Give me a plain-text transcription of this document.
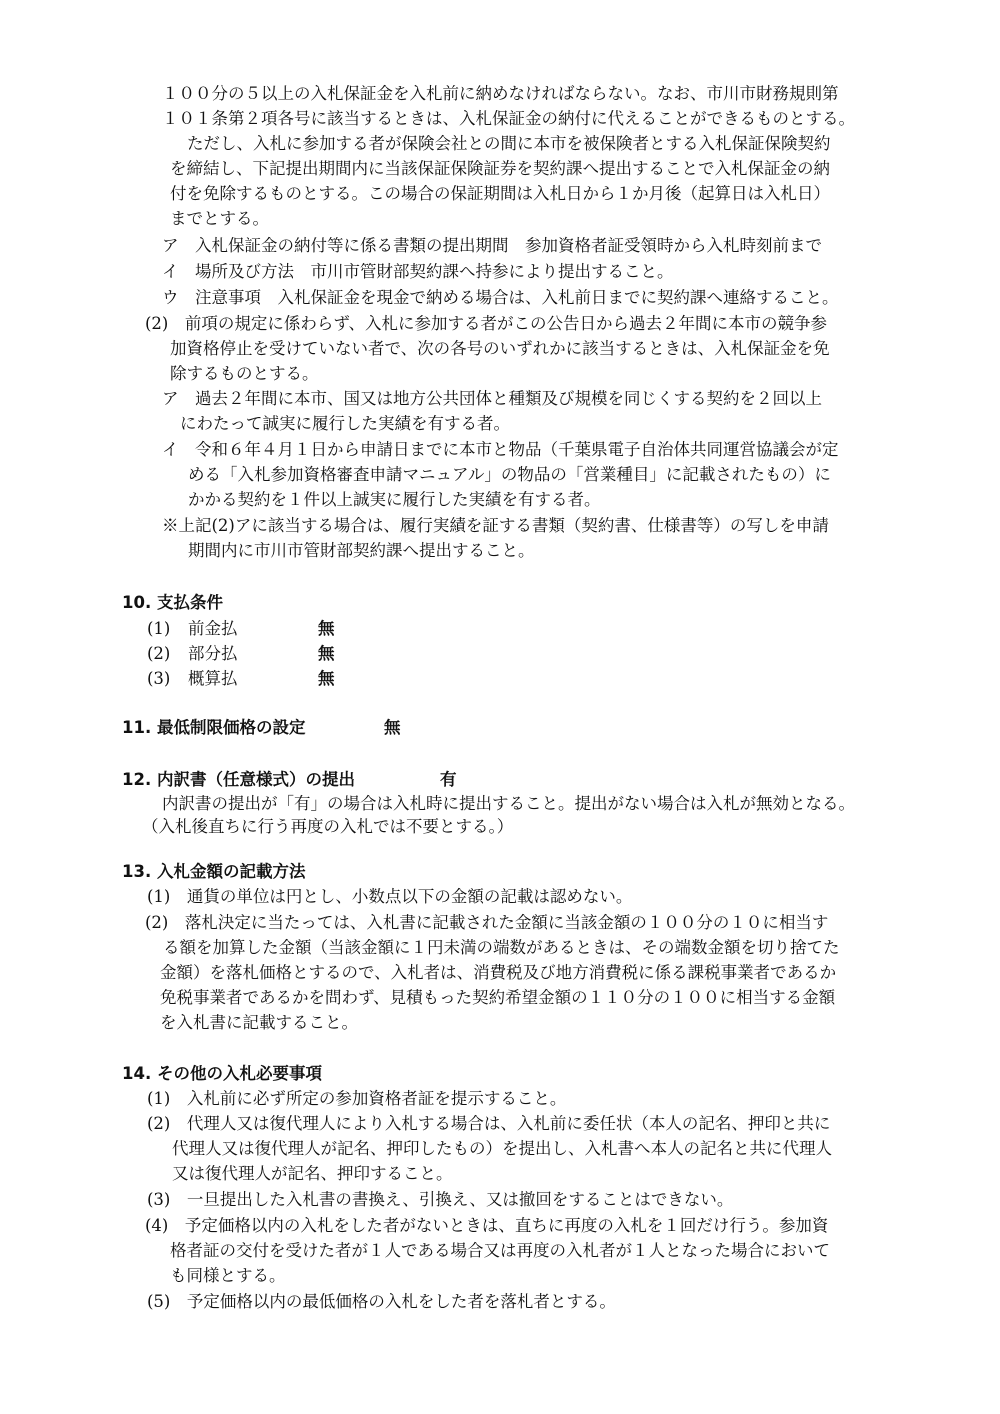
１００分の５以上の入札保証金を入札前に納めなければならない。なお、市川市財務規則第
１０１条第２項各号に該当するときは、入札保証金の納付に代えることができるものとする。
ただし、入札に参加する者が保険会社との間に本市を被保険者とする入札保証保険契約
を締結し、下記提出期間内に当該保証保険証券を契約課へ提出することで入札保証金の納
付を免除するものとする。この場合の保証期間は入札日から１か月後（起算日は入札日）
までとする。
ア　入札保証金の納付等に係る書類の提出期間　参加資格者証受領時から入札時刻前まで
イ　場所及び方法　市川市管財部契約課へ持参により提出すること。
ウ　注意事項　入札保証金を現金で納める場合は、入札前日までに契約課へ連絡すること。
(2)　前項の規定に係わらず、入札に参加する者がこの公告日から過去２年間に本市の競争参
加資格停止を受けていない者で、次の各号のいずれかに該当するときは、入札保証金を免
除するものとする。
ア　過去２年間に本市、国又は地方公共団体と種類及び規模を同じくする契約を２回以上
にわたって誠実に履行した実績を有する者。
イ　令和６年４月１日から申請日までに本市と物品（千葉県電子自治体共同運営協議会が定
める「入札参加資格審査申請マニュアル」の物品の「営業種目」に記載されたもの）に
かかる契約を１件以上誠実に履行した実績を有する者。
※上記(2)アに該当する場合は、履行実績を証する書類（契約書、仕様書等）の写しを申請
期間内に市川市管財部契約課へ提出すること。
10. 支払条件
(1) 前金払	無
(2) 部分払	無
(3) 概算払	無
11. 最低制限価格の設定	無
12. 内訳書（任意様式）の提出	有
内訳書の提出が「有」の場合は入札時に提出すること。提出がない場合は入札が無効となる。
（入札後直ちに行う再度の入札では不要とする。）
13. 入札金額の記載方法
(1)　通貨の単位は円とし、小数点以下の金額の記載は認めない。
(2)　落札決定に当たっては、入札書に記載された金額に当該金額の１００分の１０に相当す
る額を加算した金額（当該金額に１円未満の端数があるときは、その端数金額を切り捨てた
金額）を落札価格とするので、入札者は、消費税及び地方消費税に係る課税事業者であるか
免税事業者であるかを問わず、見積もった契約希望金額の１１０分の１００に相当する金額
を入札書に記載すること。
14. その他の入札必要事項
(1)　入札前に必ず所定の参加資格者証を提示すること。
(2)　代理人又は復代理人により入札する場合は、入札前に委任状（本人の記名、押印と共に
代理人又は復代理人が記名、押印したもの）を提出し、入札書へ本人の記名と共に代理人
又は復代理人が記名、押印すること。
(3)　一旦提出した入札書の書換え、引換え、又は撤回をすることはできない。
(4)　予定価格以内の入札をした者がないときは、直ちに再度の入札を１回だけ行う。参加資
格者証の交付を受けた者が１人である場合又は再度の入札者が１人となった場合において
も同様とする。
(5)　予定価格以内の最低価格の入札をした者を落札者とする。
